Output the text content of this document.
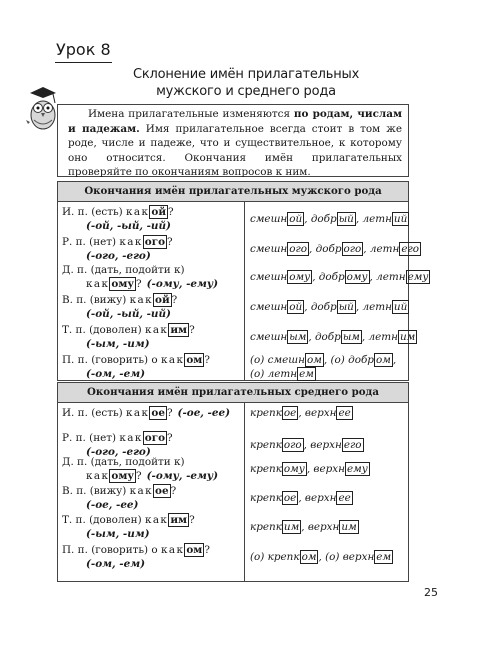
Урок 8
Склонение имён прилагательных
мужского и среднего рода
Имена прилагательные изменяются по родам, числам и падежам. Имя прилагательное всегда стоит в том же роде, числе и падеже, что и существительное, к которому оно относится. Окончания имён прилагательных проверяйте по окончаниям вопросов к ним.
Окончания имён прилагательных мужского рода
И. п. (есть) как ой ?
(-ой, -ый, -ий)
смешн ой , добр ый , летн ий
Р. п. (нет) как ого ?
(-ого, -его)
смешн ого , добр ого , летн его
Д. п. (дать, подойти к)
как ому ? (-ому, -ему)
смешн ому , добр ому , летн ему
В. п. (вижу) как ой ?
(-ой, -ый, -ий)
смешн ой , добр ый , летн ий
Т. п. (доволен) как им ?
(-ым, -им)
смешн ым , добр ым , летн им
П. п. (говорить) о как ом ?
(-ом, -ем)
(о) смешн ом , (о) добр ом ,
(о) летн ем
Окончания имён прилагательных среднего рода
И. п. (есть) как ое ? (-ое, -ее)	крепк ое , верхн ее
Р. п. (нет) как ого ?
(-ого, -его)
крепк ого , верхн его
Д. п. (дать, подойти к)
как ому ? (-ому, -ему)
крепк ому , верхн ему
В. п. (вижу) как ое ?
(-ое, -ее)
крепк ое , верхн ее
Т. п. (доволен) как им ?
(-ым, -им)
крепк им , верхн им
П. п. (говорить) о как ом ?
(-ом, -ем)
(о) крепк ом , (о) верхн ем
25
